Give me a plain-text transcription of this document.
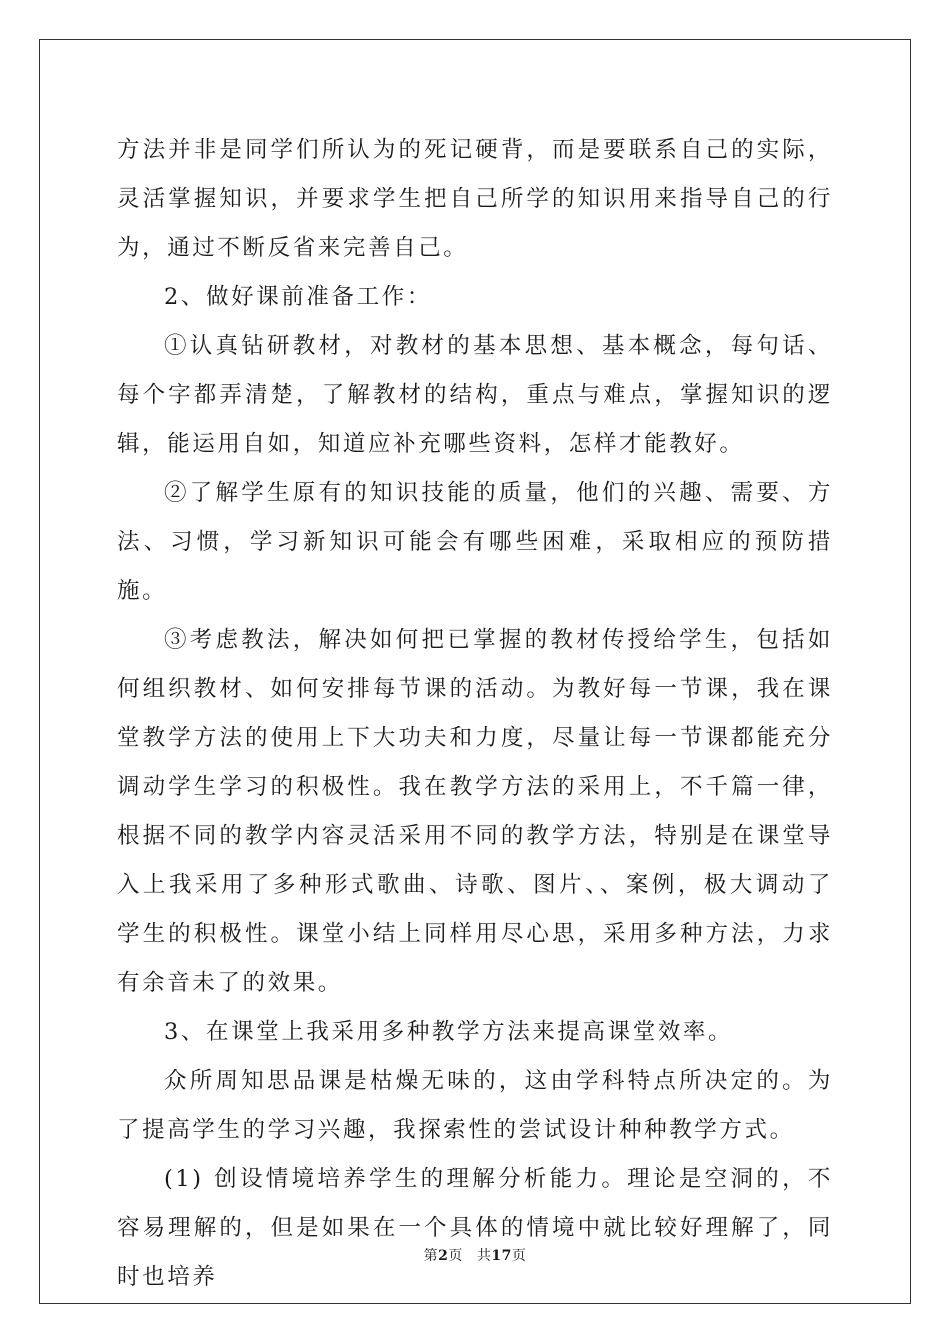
方法并非是同学们所认为的死记硬背，而是要联系自己的实际，灵活掌握知识，并要求学生把自己所学的知识用来指导自己的行为，通过不断反省来完善自己。

2、做好课前准备工作：

①认真钻研教材，对教材的基本思想、基本概念，每句话、每个字都弄清楚，了解教材的结构，重点与难点，掌握知识的逻辑，能运用自如，知道应补充哪些资料，怎样才能教好。

②了解学生原有的知识技能的质量，他们的兴趣、需要、方法、习惯，学习新知识可能会有哪些困难，采取相应的预防措施。

③考虑教法，解决如何把已掌握的教材传授给学生，包括如何组织教材、如何安排每节课的活动。为教好每一节课，我在课堂教学方法的使用上下大功夫和力度，尽量让每一节课都能充分调动学生学习的积极性。我在教学方法的采用上，不千篇一律，根据不同的教学内容灵活采用不同的教学方法，特别是在课堂导入上我采用了多种形式歌曲、诗歌、图片、、案例，极大调动了学生的积极性。课堂小结上同样用尽心思，采用多种方法，力求有余音未了的效果。

3、在课堂上我采用多种教学方法来提高课堂效率。

众所周知思品课是枯燥无味的，这由学科特点所决定的。为了提高学生的学习兴趣，我探索性的尝试设计种种教学方式。

(1) 创设情境培养学生的理解分析能力。理论是空洞的，不容易理解的，但是如果在一个具体的情境中就比较好理解了，同时也培养

第2页 共17页
